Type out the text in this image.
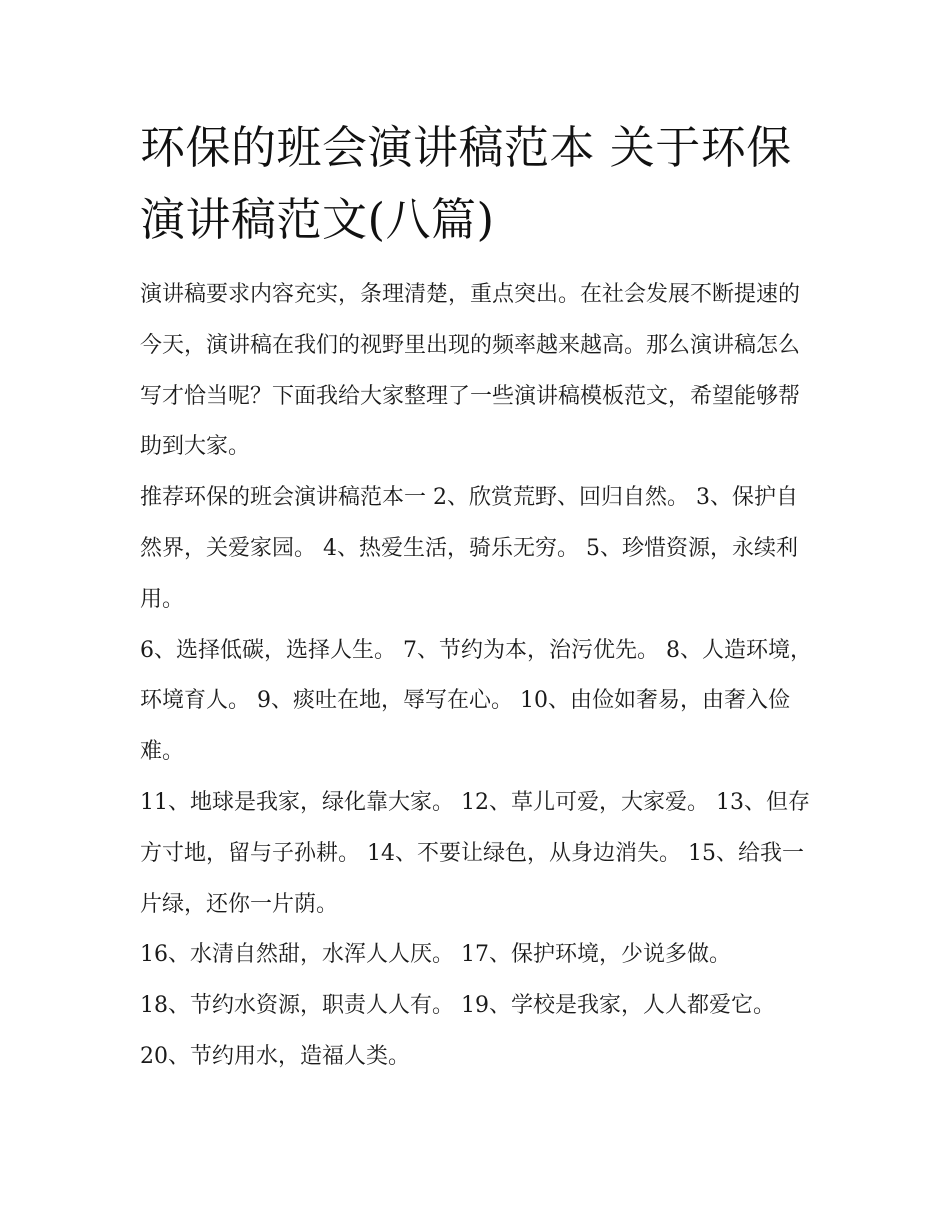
环保的班会演讲稿范本 关于环保演讲稿范文(八篇)

演讲稿要求内容充实，条理清楚，重点突出。在社会发展不断提速的今天，演讲稿在我们的视野里出现的频率越来越高。那么演讲稿怎么写才恰当呢？下面我给大家整理了一些演讲稿模板范文，希望能够帮助到大家。

推荐环保的班会演讲稿范本一 2、欣赏荒野、回归自然。 3、保护自然界，关爱家园。 4、热爱生活，骑乐无穷。 5、珍惜资源，永续利用。

6、选择低碳，选择人生。 7、节约为本，治污优先。 8、人造环境，环境育人。 9、痰吐在地，辱写在心。 10、由俭如奢易，由奢入俭难。

11、地球是我家，绿化靠大家。 12、草儿可爱，大家爱。 13、但存方寸地，留与子孙耕。 14、不要让绿色，从身边消失。 15、给我一片绿，还你一片荫。

16、水清自然甜，水浑人人厌。 17、保护环境，少说多做。

18、节约水资源，职责人人有。 19、学校是我家，人人都爱它。 20、节约用水，造福人类。
